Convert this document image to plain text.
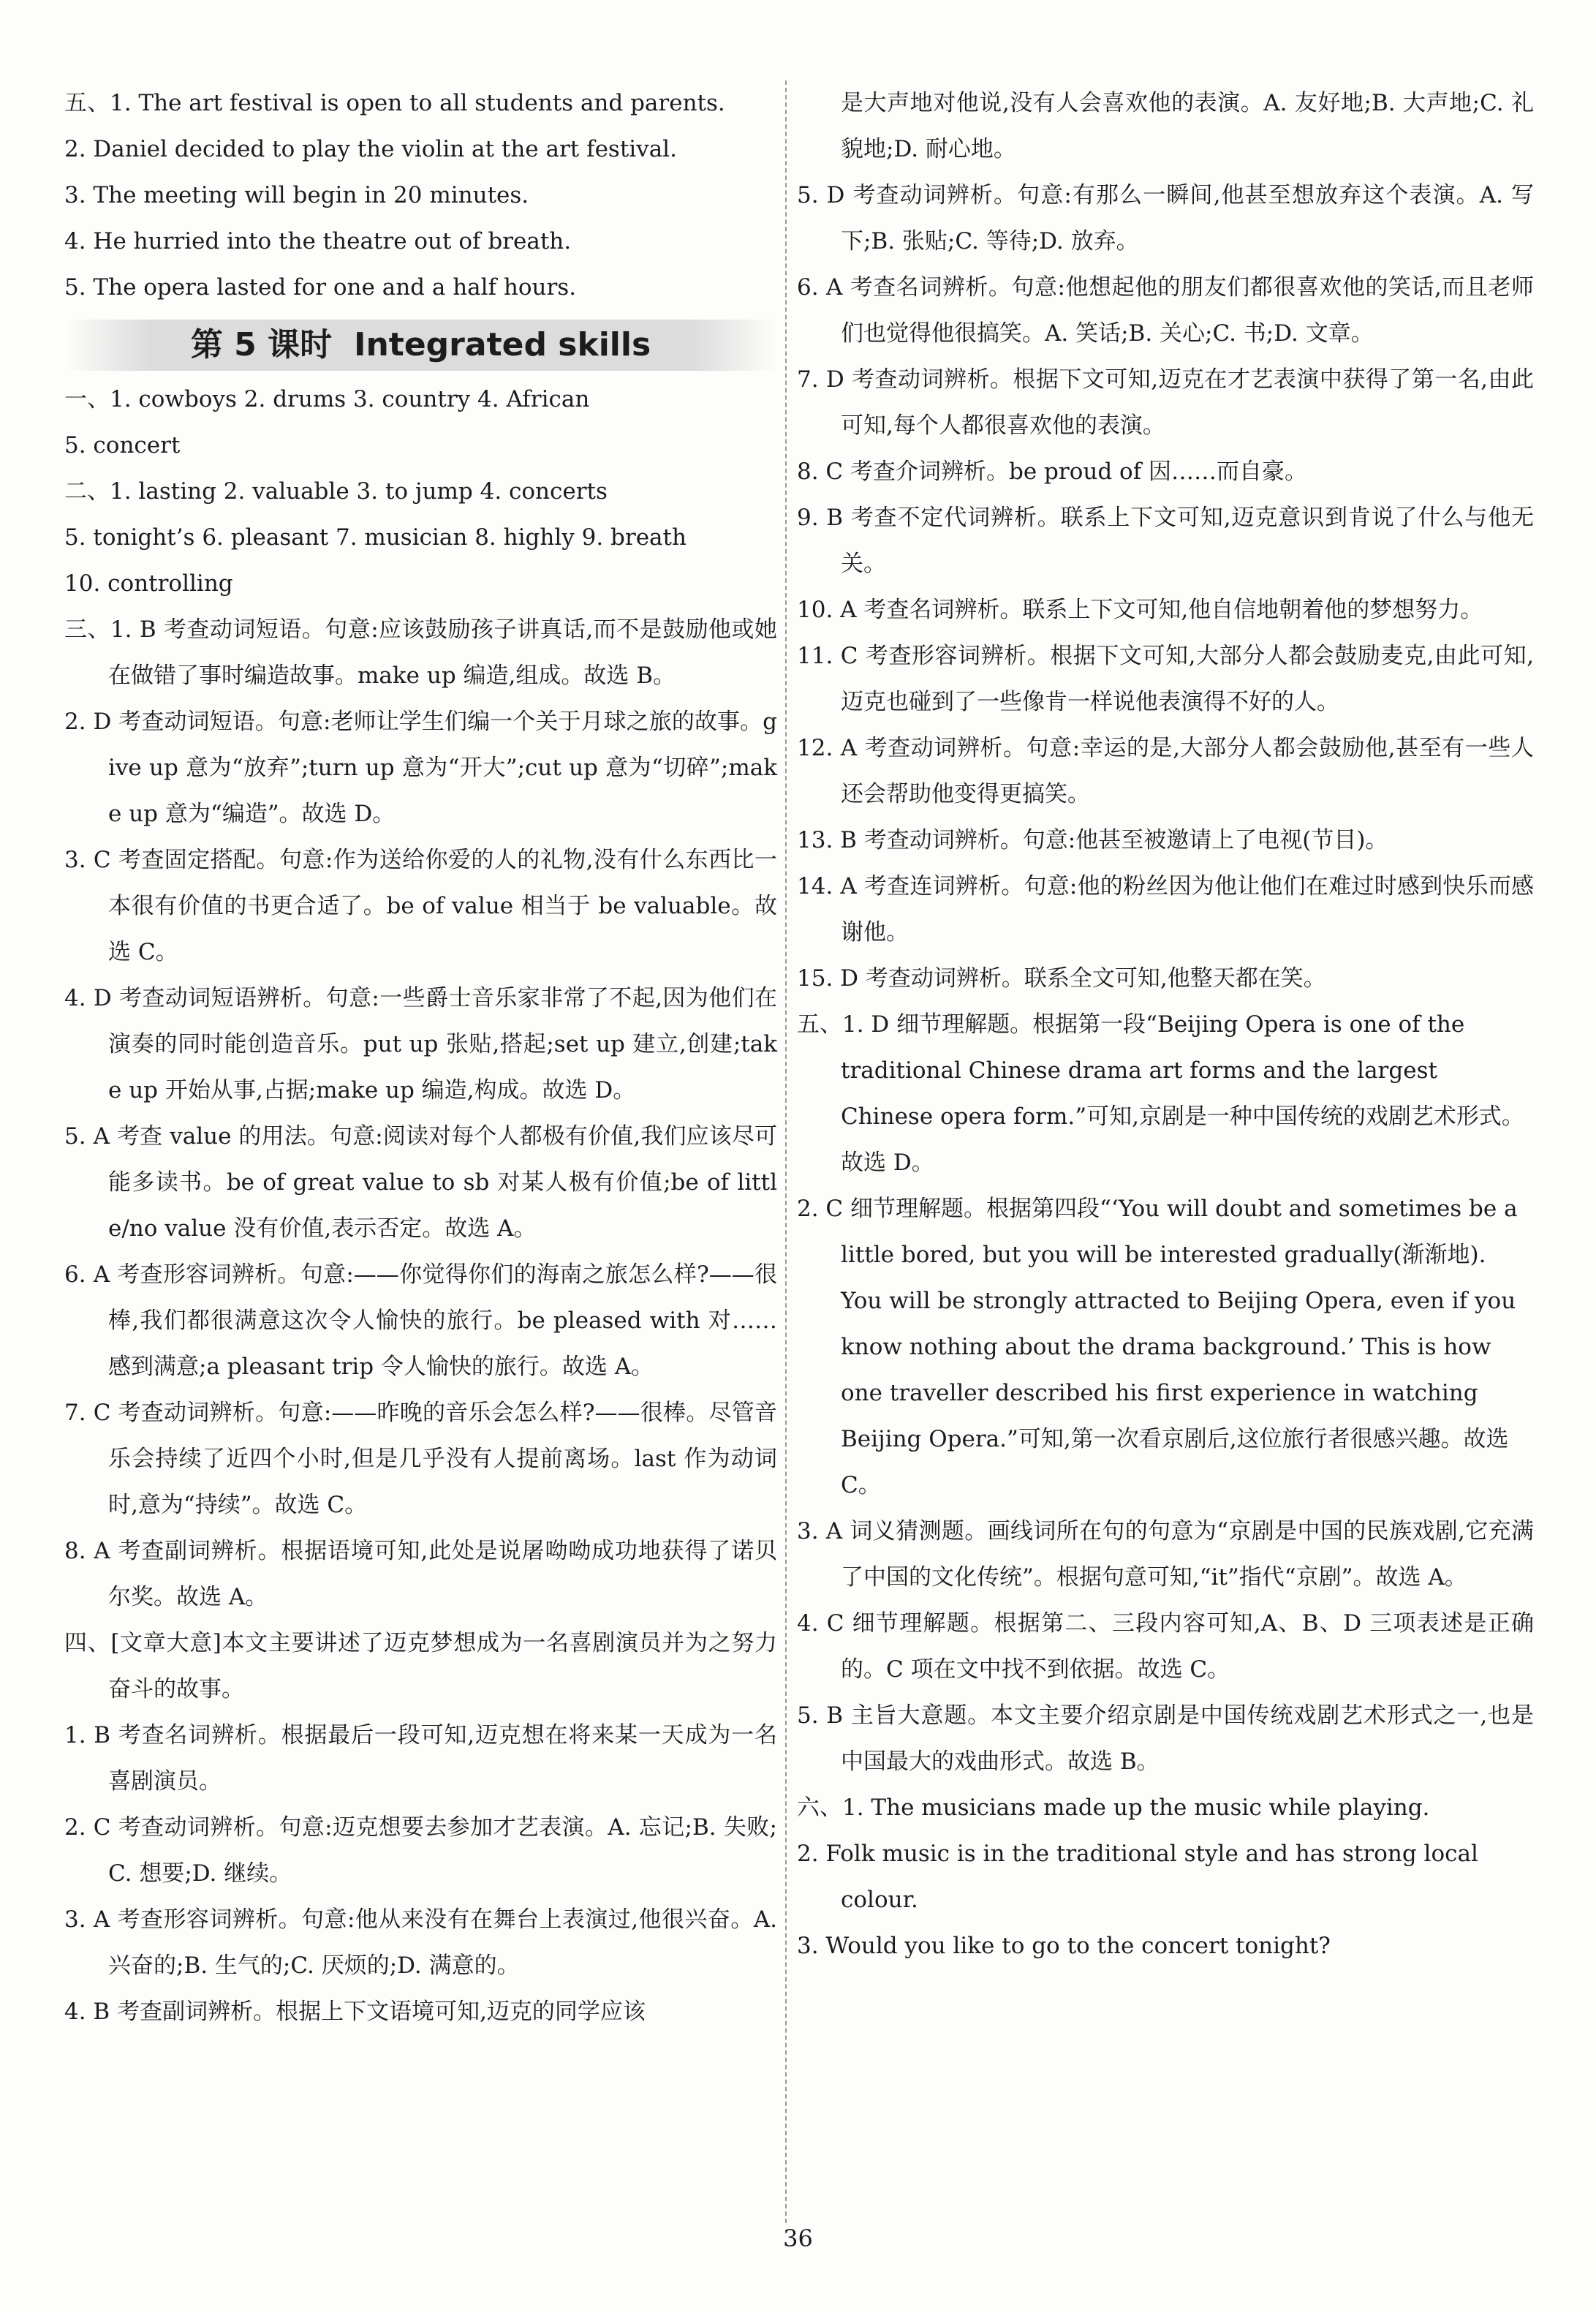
五、1. The art festival is open to all students and parents.

2. Daniel decided to play the violin at the art festival.

3. The meeting will begin in 20 minutes.

4. He hurried into the theatre out of breath.

5. The opera lasted for one and a half hours.

第 5 课时 Integrated skills

一、1. cowboys 2. drums 3. country 4. African

5. concert

二、1. lasting 2. valuable 3. to jump 4. concerts

5. tonight’s 6. pleasant 7. musician 8. highly 9. breath

10. controlling

三、1. B 考查动词短语。句意:应该鼓励孩子讲真话,而不是鼓励他或她在做错了事时编造故事。make up 编造,组成。故选 B。

2. D 考查动词短语。句意:老师让学生们编一个关于月球之旅的故事。give up 意为“放弃”;turn up 意为“开大”;cut up 意为“切碎”;make up 意为“编造”。故选 D。

3. C 考查固定搭配。句意:作为送给你爱的人的礼物,没有什么东西比一本很有价值的书更合适了。be of value 相当于 be valuable。故选 C。

4. D 考查动词短语辨析。句意:一些爵士音乐家非常了不起,因为他们在演奏的同时能创造音乐。put up 张贴,搭起;set up 建立,创建;take up 开始从事,占据;make up 编造,构成。故选 D。

5. A 考查 value 的用法。句意:阅读对每个人都极有价值,我们应该尽可能多读书。be of great value to sb 对某人极有价值;be of little/no value 没有价值,表示否定。故选 A。

6. A 考查形容词辨析。句意:——你觉得你们的海南之旅怎么样?——很棒,我们都很满意这次令人愉快的旅行。be pleased with 对……感到满意;a pleasant trip 令人愉快的旅行。故选 A。

7. C 考查动词辨析。句意:——昨晚的音乐会怎么样?——很棒。尽管音乐会持续了近四个小时,但是几乎没有人提前离场。last 作为动词时,意为“持续”。故选 C。

8. A 考查副词辨析。根据语境可知,此处是说屠呦呦成功地获得了诺贝尔奖。故选 A。

四、[文章大意]本文主要讲述了迈克梦想成为一名喜剧演员并为之努力奋斗的故事。

1. B 考查名词辨析。根据最后一段可知,迈克想在将来某一天成为一名喜剧演员。

2. C 考查动词辨析。句意:迈克想要去参加才艺表演。A. 忘记;B. 失败;C. 想要;D. 继续。

3. A 考查形容词辨析。句意:他从来没有在舞台上表演过,他很兴奋。A. 兴奋的;B. 生气的;C. 厌烦的;D. 满意的。

4. B 考查副词辨析。根据上下文语境可知,迈克的同学应该

是大声地对他说,没有人会喜欢他的表演。A. 友好地;B. 大声地;C. 礼貌地;D. 耐心地。

5. D 考查动词辨析。句意:有那么一瞬间,他甚至想放弃这个表演。A. 写下;B. 张贴;C. 等待;D. 放弃。

6. A 考查名词辨析。句意:他想起他的朋友们都很喜欢他的笑话,而且老师们也觉得他很搞笑。A. 笑话;B. 关心;C. 书;D. 文章。

7. D 考查动词辨析。根据下文可知,迈克在才艺表演中获得了第一名,由此可知,每个人都很喜欢他的表演。

8. C 考查介词辨析。be proud of 因……而自豪。

9. B 考查不定代词辨析。联系上下文可知,迈克意识到肯说了什么与他无关。

10. A 考查名词辨析。联系上下文可知,他自信地朝着他的梦想努力。

11. C 考查形容词辨析。根据下文可知,大部分人都会鼓励麦克,由此可知,迈克也碰到了一些像肯一样说他表演得不好的人。

12. A 考查动词辨析。句意:幸运的是,大部分人都会鼓励他,甚至有一些人还会帮助他变得更搞笑。

13. B 考查动词辨析。句意:他甚至被邀请上了电视(节目)。

14. A 考查连词辨析。句意:他的粉丝因为他让他们在难过时感到快乐而感谢他。

15. D 考查动词辨析。联系全文可知,他整天都在笑。

五、1. D 细节理解题。根据第一段“Beijing Opera is one of the traditional Chinese drama art forms and the largest Chinese opera form.”可知,京剧是一种中国传统的戏剧艺术形式。故选 D。

2. C 细节理解题。根据第四段“‘You will doubt and sometimes be a little bored, but you will be interested gradually(渐渐地). You will be strongly attracted to Beijing Opera, even if you know nothing about the drama background.’ This is how one traveller described his first experience in watching Beijing Opera.”可知,第一次看京剧后,这位旅行者很感兴趣。故选 C。

3. A 词义猜测题。画线词所在句的句意为“京剧是中国的民族戏剧,它充满了中国的文化传统”。根据句意可知,“it”指代“京剧”。故选 A。

4. C 细节理解题。根据第二、三段内容可知,A、B、D 三项表述是正确的。C 项在文中找不到依据。故选 C。

5. B 主旨大意题。本文主要介绍京剧是中国传统戏剧艺术形式之一,也是中国最大的戏曲形式。故选 B。

六、1. The musicians made up the music while playing.

2. Folk music is in the traditional style and has strong local colour.

3. Would you like to go to the concert tonight?

36
